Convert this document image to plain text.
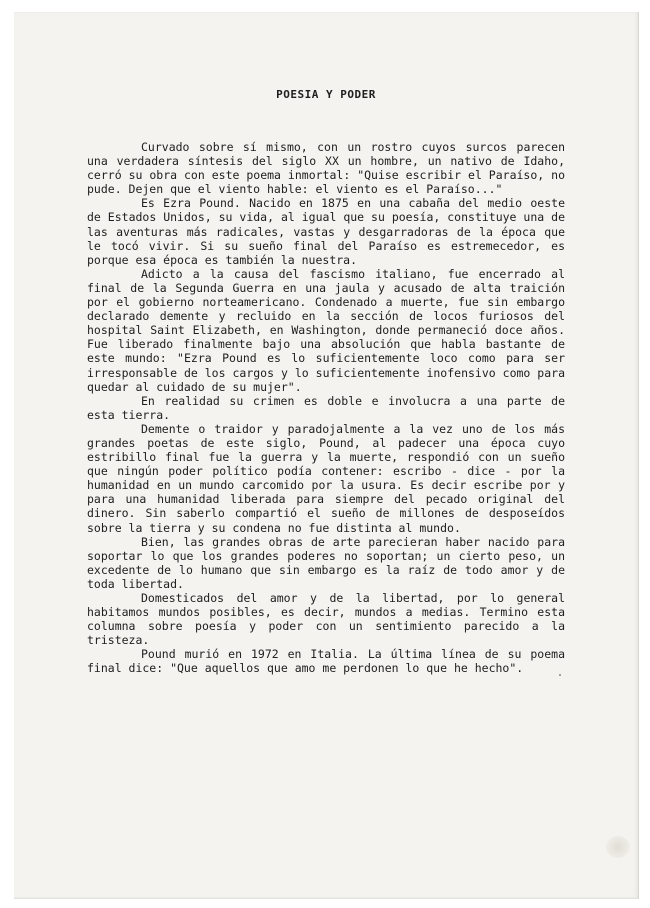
POESIA Y PODER

Curvado sobre sí mismo, con un rostro cuyos surcos parecen una verdadera síntesis del siglo XX un hombre, un nativo de Idaho, cerró su obra con este poema inmortal: "Quise escribir el Paraíso, no pude. Dejen que el viento hable: el viento es el Paraíso..."

Es Ezra Pound. Nacido en 1875 en una cabaña del medio oeste de Estados Unidos, su vida, al igual que su poesía, constituye una de las aventuras más radicales, vastas y desgarradoras de la época que le tocó vivir. Si su sueño final del Paraíso es estremecedor, es porque esa época es también la nuestra.

Adicto a la causa del fascismo italiano, fue encerrado al final de la Segunda Guerra en una jaula y acusado de alta traición por el gobierno norteamericano. Condenado a muerte, fue sin embargo declarado demente y recluido en la sección de locos furiosos del hospital Saint Elizabeth, en Washington, donde permaneció doce años. Fue liberado finalmente bajo una absolución que habla bastante de este mundo: "Ezra Pound es lo suficientemente loco como para ser irresponsable de los cargos y lo suficientemente inofensivo como para quedar al cuidado de su mujer".

En realidad su crimen es doble e involucra a una parte de esta tierra.

Demente o traidor y paradojalmente a la vez uno de los más grandes poetas de este siglo, Pound, al padecer una época cuyo estribillo final fue la guerra y la muerte, respondió con un sueño que ningún poder político podía contener: escribo - dice - por la humanidad en un mundo carcomido por la usura. Es decir escribe por y para una humanidad liberada para siempre del pecado original del dinero. Sin saberlo compartió el sueño de millones de desposeídos sobre la tierra y su condena no fue distinta al mundo.

Bien, las grandes obras de arte parecieran haber nacido para soportar lo que los grandes poderes no soportan; un cierto peso, un excedente de lo humano que sin embargo es la raíz de todo amor y de toda libertad.

Domesticados del amor y de la libertad, por lo general habitamos mundos posibles, es decir, mundos a medias. Termino esta columna sobre poesía y poder con un sentimiento parecido a la tristeza.

Pound murió en 1972 en Italia. La última línea de su poema final dice: "Que aquellos que amo me perdonen lo que he hecho".
